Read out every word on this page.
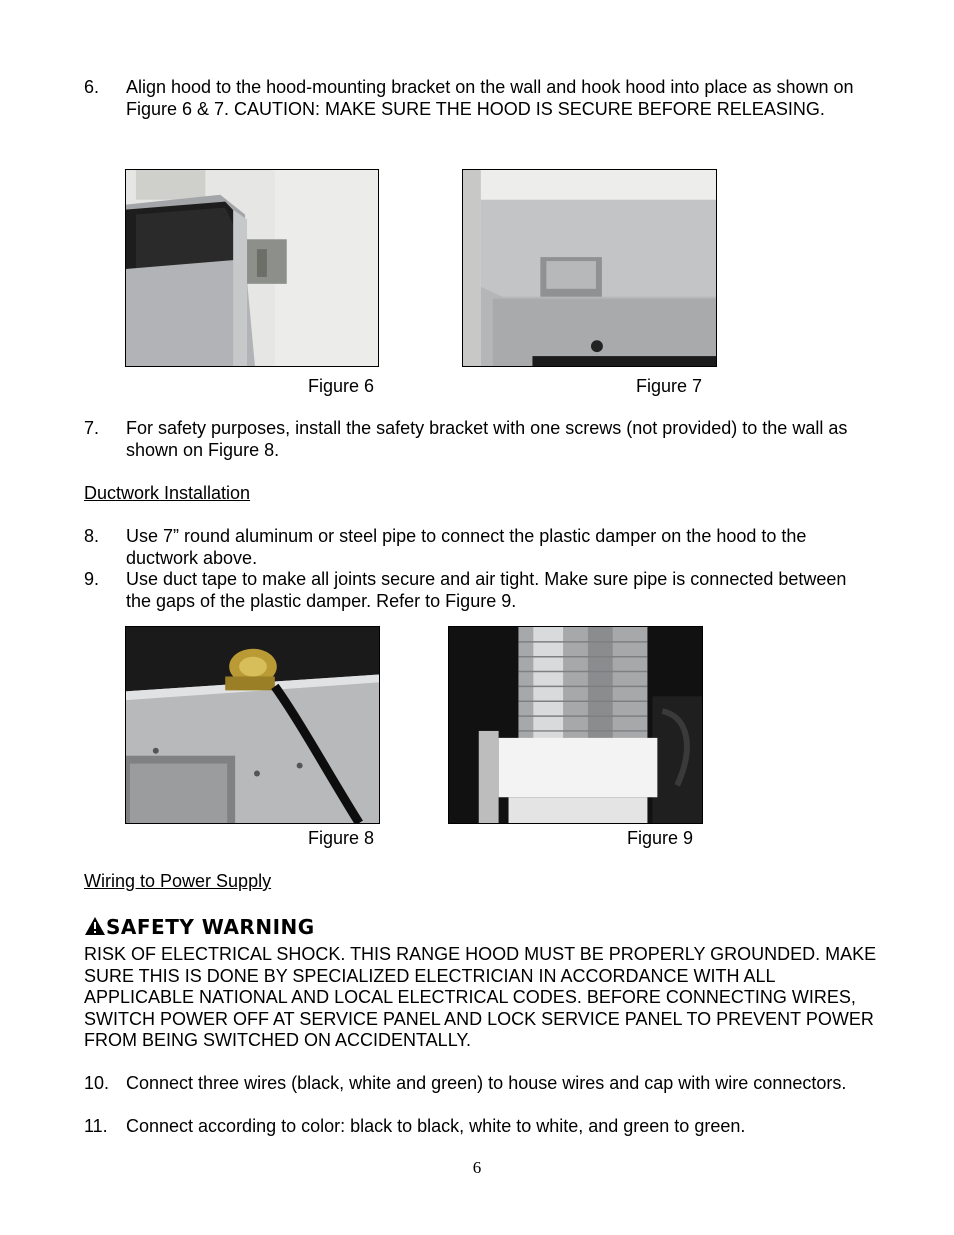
6.	Align hood to the hood-mounting bracket on the wall and hook hood into place as shown on Figure 6 & 7. CAUTION: MAKE SURE THE HOOD IS SECURE BEFORE RELEASING.
Figure 6	Figure 7
7.	For safety purposes, install the safety bracket with one screws (not provided) to the wall as shown on Figure 8.
Ductwork Installation
8.	Use 7” round aluminum or steel pipe to connect the plastic damper on the hood to the ductwork above.
9.	Use duct tape to make all joints secure and air tight. Make sure pipe is connected between the gaps of the plastic damper. Refer to Figure 9.
Figure 8	Figure 9
Wiring to Power Supply
SAFETY WARNING
RISK OF ELECTRICAL SHOCK. THIS RANGE HOOD MUST BE PROPERLY GROUNDED. MAKE SURE THIS IS DONE BY SPECIALIZED ELECTRICIAN IN ACCORDANCE WITH ALL APPLICABLE NATIONAL AND LOCAL ELECTRICAL CODES. BEFORE CONNECTING WIRES, SWITCH POWER OFF AT SERVICE PANEL AND LOCK SERVICE PANEL TO PREVENT POWER FROM BEING SWITCHED ON ACCIDENTALLY.
10. Connect three wires (black, white and green) to house wires and cap with wire connectors.
11.	Connect according to color: black to black, white to white, and green to green.
6
